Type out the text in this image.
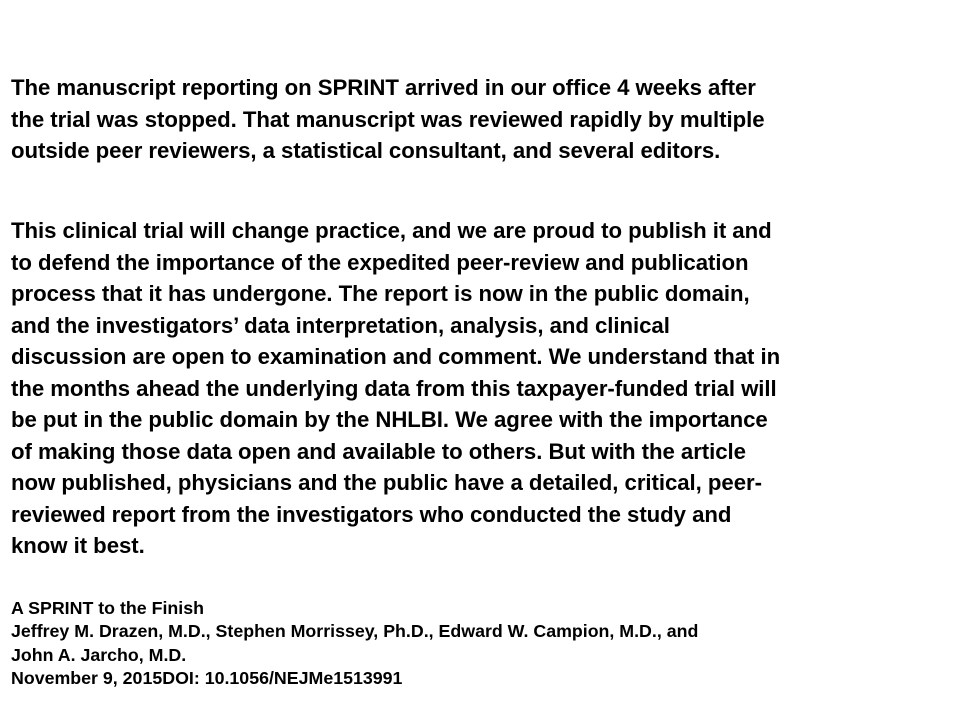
The manuscript reporting on SPRINT arrived in our office 4 weeks after
the trial was stopped. That manuscript was reviewed rapidly by multiple
outside peer reviewers, a statistical consultant, and several editors.

This clinical trial will change practice, and we are proud to publish it and
to defend the importance of the expedited peer-review and publication
process that it has undergone. The report is now in the public domain,
and the investigators’ data interpretation, analysis, and clinical
discussion are open to examination and comment. We understand that in
the months ahead the underlying data from this taxpayer-funded trial will
be put in the public domain by the NHLBI. We agree with the importance
of making those data open and available to others. But with the article
now published, physicians and the public have a detailed, critical, peer-
reviewed report from the investigators who conducted the study and
know it best.

A SPRINT to the Finish
Jeffrey M. Drazen, M.D., Stephen Morrissey, Ph.D., Edward W. Campion, M.D., and
John A. Jarcho, M.D.
November 9, 2015DOI: 10.1056/NEJMe1513991
